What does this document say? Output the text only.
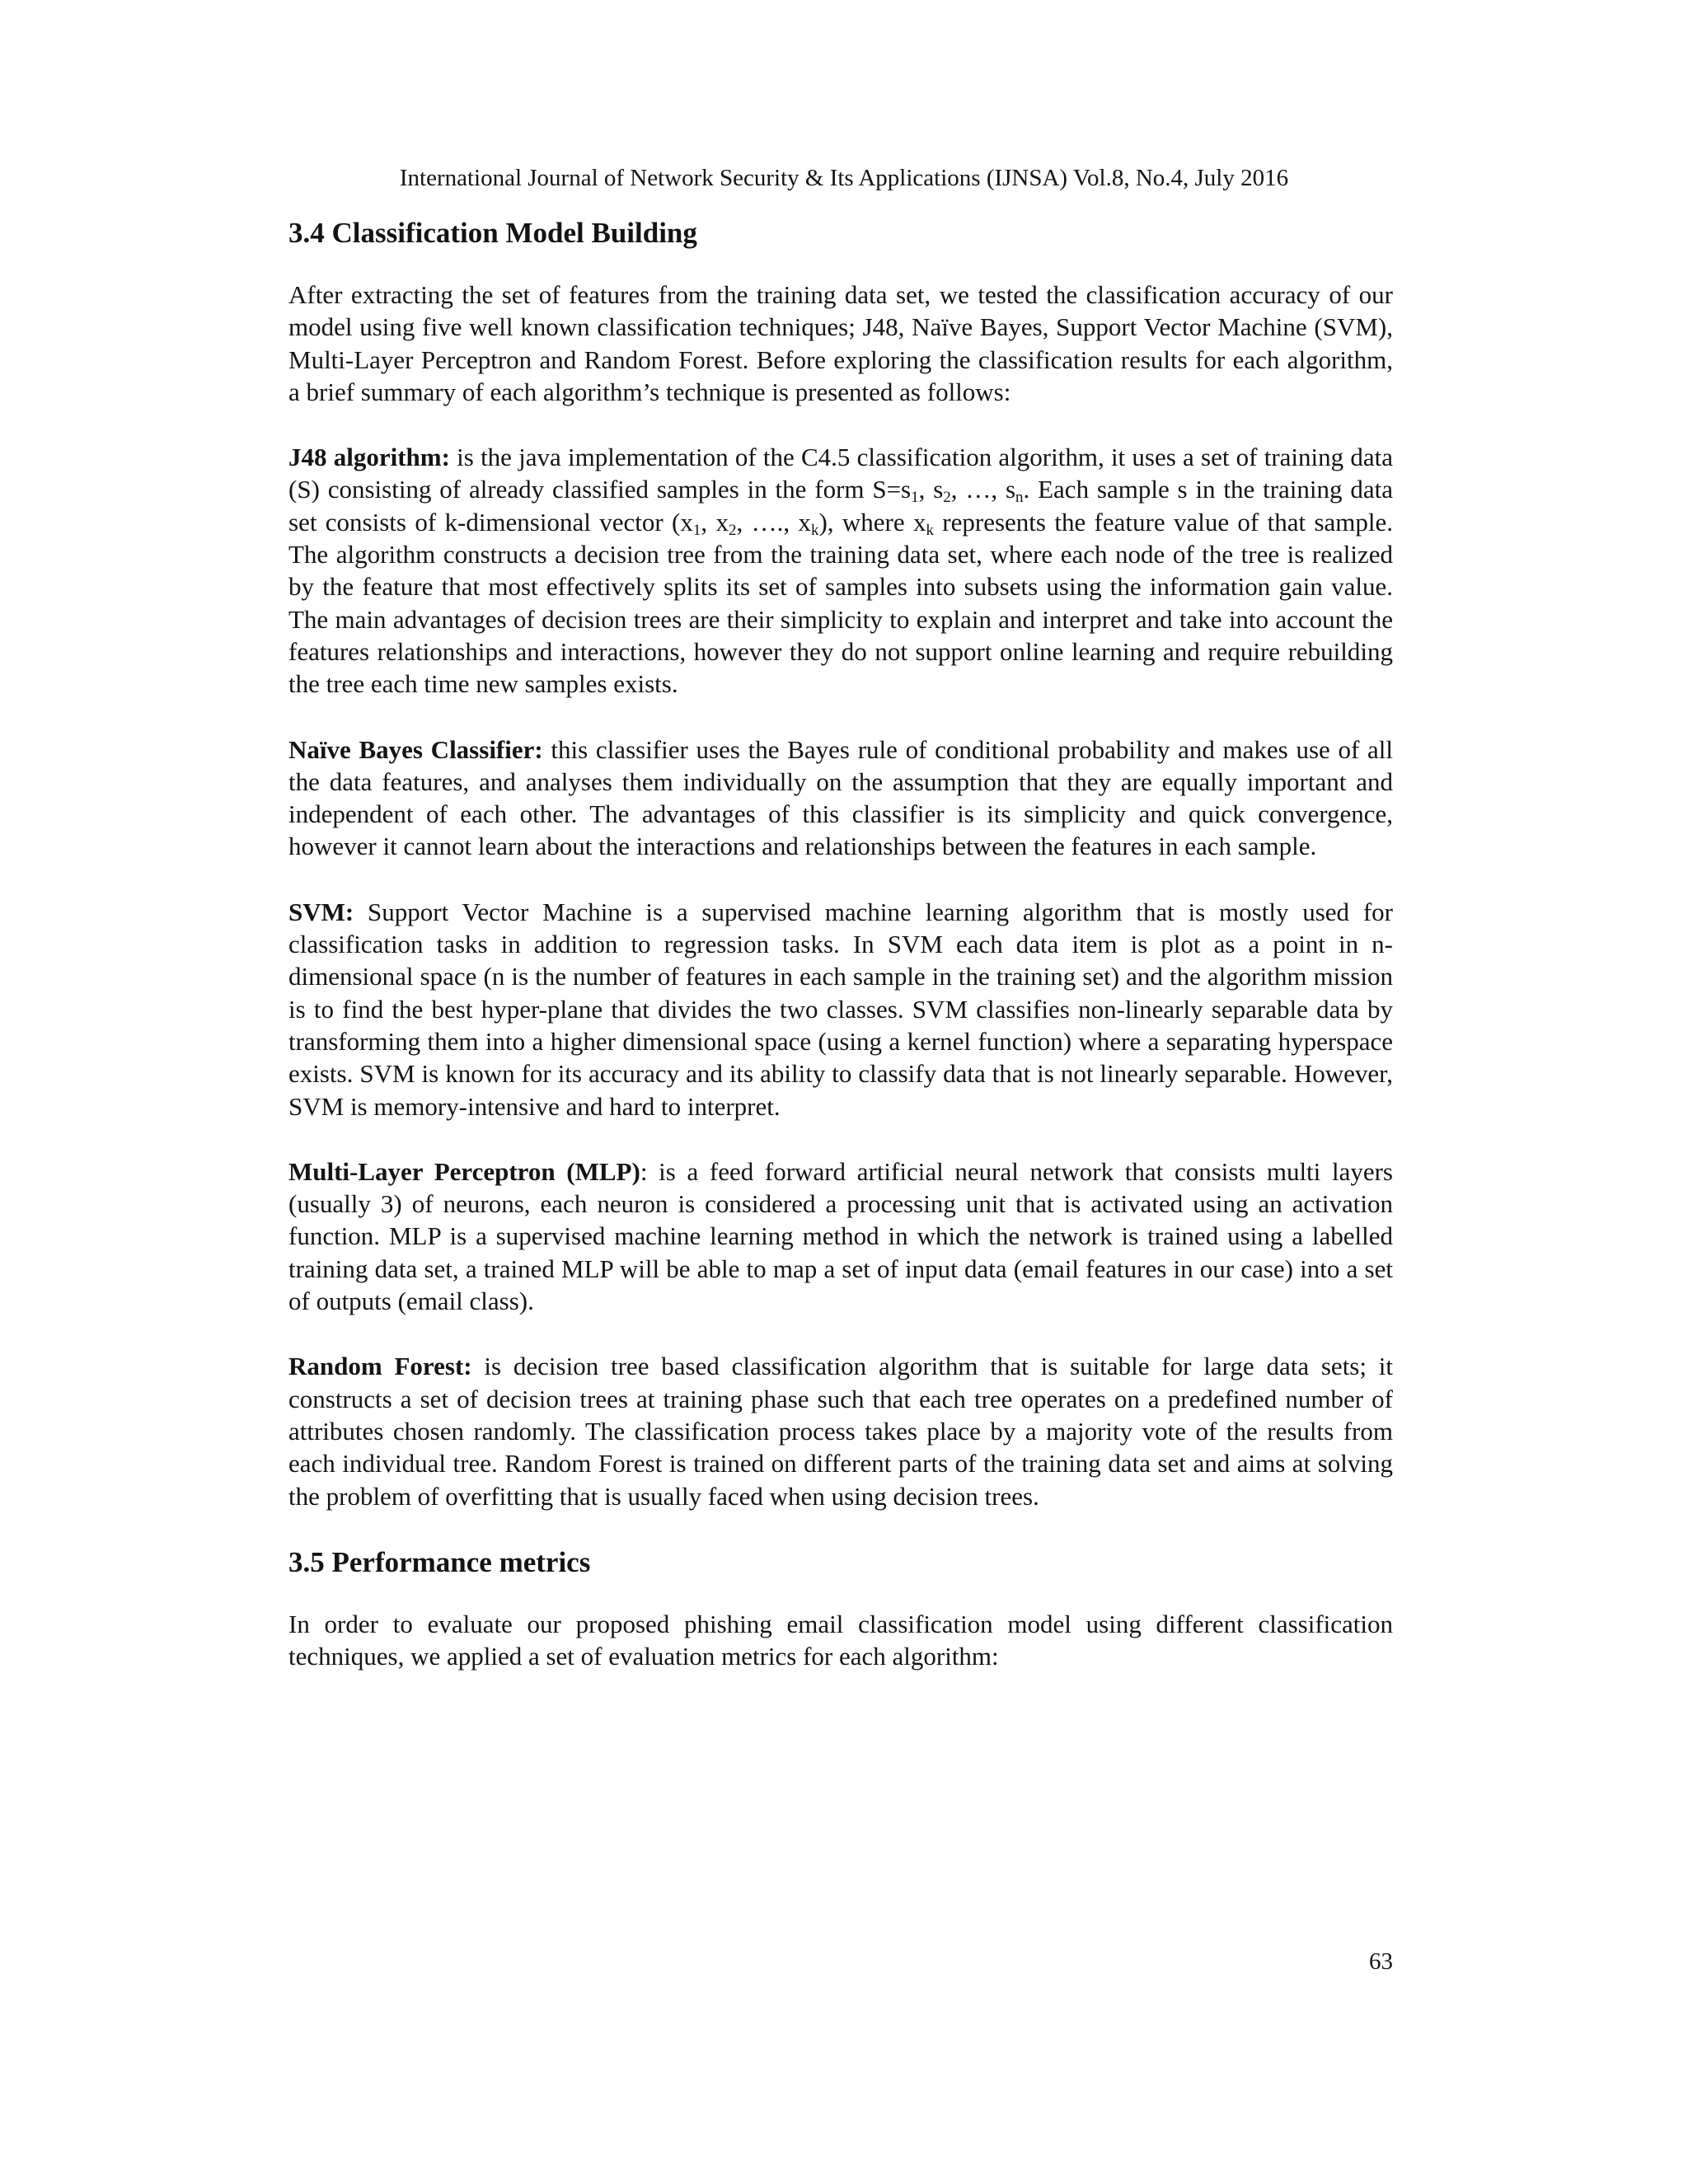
International Journal of Network Security & Its Applications (IJNSA) Vol.8, No.4, July 2016
3.4 Classification Model Building

After extracting the set of features from the training data set, we tested the classification accuracy of our model using five well known classification techniques; J48, Naïve Bayes, Support Vector Machine (SVM), Multi-Layer Perceptron and Random Forest. Before exploring the classification results for each algorithm, a brief summary of each algorithm’s technique is presented as follows:

J48 algorithm: is the java implementation of the C4.5 classification algorithm, it uses a set of training data (S) consisting of already classified samples in the form $S=s_1$, $s_2$, …, $s_n$. Each sample s in the training data set consists of k-dimensional vector ($x_1$, $x_2$, …., $x_k$), where $x_k$ represents the feature value of that sample. The algorithm constructs a decision tree from the training data set, where each node of the tree is realized by the feature that most effectively splits its set of samples into subsets using the information gain value. The main advantages of decision trees are their simplicity to explain and interpret and take into account the features relationships and interactions, however they do not support online learning and require rebuilding the tree each time new samples exists.

Naïve Bayes Classifier: this classifier uses the Bayes rule of conditional probability and makes use of all the data features, and analyses them individually on the assumption that they are equally important and independent of each other. The advantages of this classifier is its simplicity and quick convergence, however it cannot learn about the interactions and relationships between the features in each sample.

SVM: Support Vector Machine is a supervised machine learning algorithm that is mostly used for classification tasks in addition to regression tasks. In SVM each data item is plot as a point in n-dimensional space (n is the number of features in each sample in the training set) and the algorithm mission is to find the best hyper-plane that divides the two classes. SVM classifies non-linearly separable data by transforming them into a higher dimensional space (using a kernel function) where a separating hyperspace exists. SVM is known for its accuracy and its ability to classify data that is not linearly separable. However, SVM is memory-intensive and hard to interpret.

Multi-Layer Perceptron (MLP): is a feed forward artificial neural network that consists multi layers (usually 3) of neurons, each neuron is considered a processing unit that is activated using an activation function. MLP is a supervised machine learning method in which the network is trained using a labelled training data set, a trained MLP will be able to map a set of input data (email features in our case) into a set of outputs (email class).

Random Forest: is decision tree based classification algorithm that is suitable for large data sets; it constructs a set of decision trees at training phase such that each tree operates on a predefined number of attributes chosen randomly. The classification process takes place by a majority vote of the results from each individual tree. Random Forest is trained on different parts of the training data set and aims at solving the problem of overfitting that is usually faced when using decision trees.

3.5 Performance metrics

In order to evaluate our proposed phishing email classification model using different classification techniques, we applied a set of evaluation metrics for each algorithm:

63
